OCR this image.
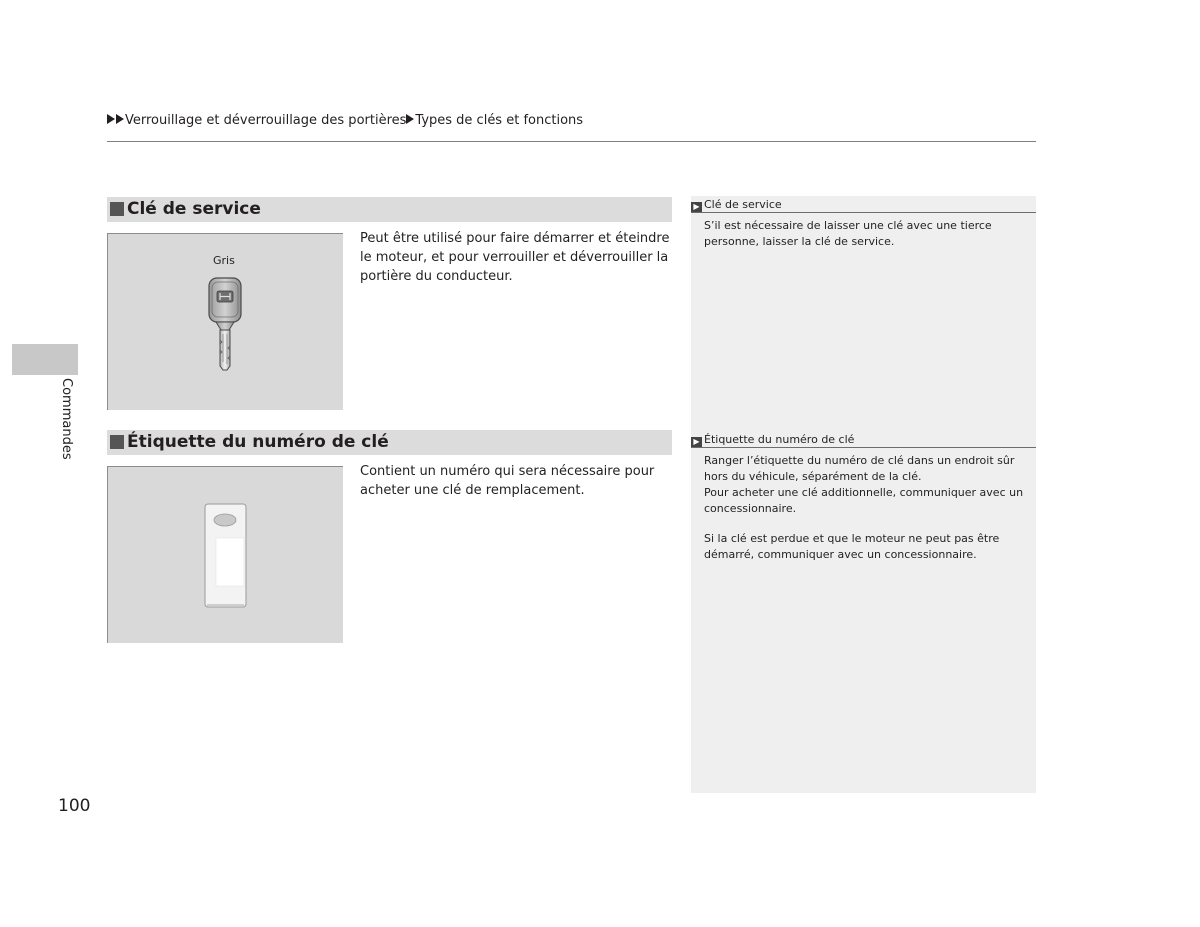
Verrouillage et déverrouillage des portières Types de clés et fonctions
Commandes
Clé de service
Gris
Peut être utilisé pour faire démarrer et éteindre le moteur, et pour verrouiller et déverrouiller la portière du conducteur.
Étiquette du numéro de clé
Contient un numéro qui sera nécessaire pour acheter une clé de remplacement.
▶ Clé de service

S’il est nécessaire de laisser une clé avec une tierce personne, laisser la clé de service.

▶ Étiquette du numéro de clé

Ranger l’étiquette du numéro de clé dans un endroit sûr hors du véhicule, séparément de la clé.

Pour acheter une clé additionnelle, communiquer avec un concessionnaire.

Si la clé est perdue et que le moteur ne peut pas être démarré, communiquer avec un concessionnaire.

100
